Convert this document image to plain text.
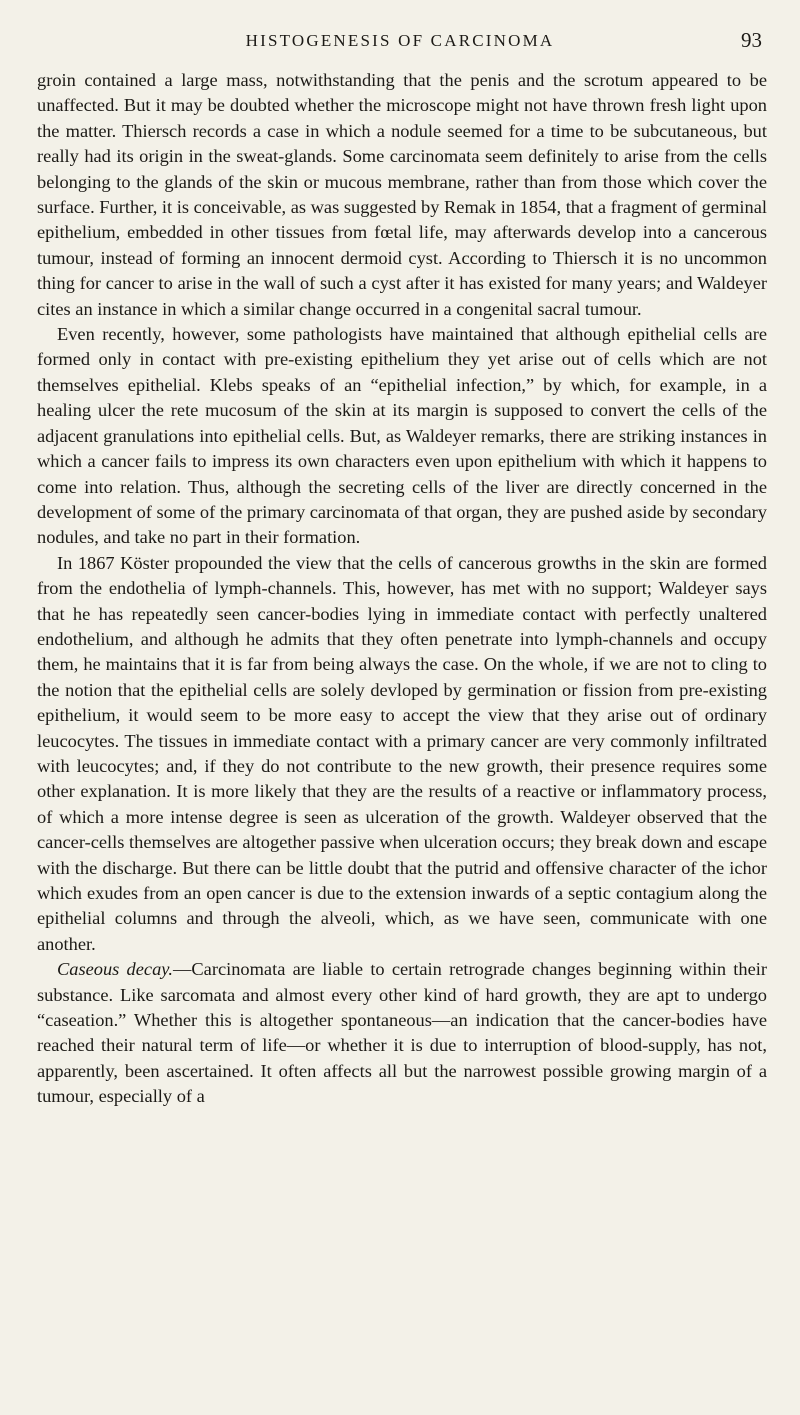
HISTOGENESIS OF CARCINOMA	93

groin contained a large mass, notwithstanding that the penis and the scrotum appeared to be unaffected. But it may be doubted whether the microscope might not have thrown fresh light upon the matter. Thiersch records a case in which a nodule seemed for a time to be subcutaneous, but really had its origin in the sweat-glands. Some carcinomata seem definitely to arise from the cells belonging to the glands of the skin or mucous membrane, rather than from those which cover the surface. Further, it is conceivable, as was suggested by Remak in 1854, that a fragment of germinal epithelium, embedded in other tissues from fœtal life, may afterwards develop into a cancerous tumour, instead of forming an innocent dermoid cyst. According to Thiersch it is no uncommon thing for cancer to arise in the wall of such a cyst after it has existed for many years; and Waldeyer cites an instance in which a similar change occurred in a congenital sacral tumour.

Even recently, however, some pathologists have maintained that although epithelial cells are formed only in contact with pre-existing epithelium they yet arise out of cells which are not themselves epithelial. Klebs speaks of an “epithelial infection,” by which, for example, in a healing ulcer the rete mucosum of the skin at its margin is supposed to convert the cells of the adjacent granulations into epithelial cells. But, as Waldeyer remarks, there are striking instances in which a cancer fails to impress its own characters even upon epithelium with which it happens to come into relation. Thus, although the secreting cells of the liver are directly concerned in the development of some of the primary carcinomata of that organ, they are pushed aside by secondary nodules, and take no part in their formation.

In 1867 Köster propounded the view that the cells of cancerous growths in the skin are formed from the endothelia of lymph-channels. This, however, has met with no support; Waldeyer says that he has repeatedly seen cancer-bodies lying in immediate contact with perfectly unaltered endothelium, and although he admits that they often penetrate into lymph-channels and occupy them, he maintains that it is far from being always the case. On the whole, if we are not to cling to the notion that the epithelial cells are solely devloped by germination or fission from pre-existing epithelium, it would seem to be more easy to accept the view that they arise out of ordinary leucocytes. The tissues in immediate contact with a primary cancer are very commonly infiltrated with leucocytes; and, if they do not contribute to the new growth, their presence requires some other explanation. It is more likely that they are the results of a reactive or inflammatory process, of which a more intense degree is seen as ulceration of the growth. Waldeyer observed that the cancer-cells themselves are altogether passive when ulceration occurs; they break down and escape with the discharge. But there can be little doubt that the putrid and offensive character of the ichor which exudes from an open cancer is due to the extension inwards of a septic contagium along the epithelial columns and through the alveoli, which, as we have seen, communicate with one another.

Caseous decay.—Carcinomata are liable to certain retrograde changes beginning within their substance. Like sarcomata and almost every other kind of hard growth, they are apt to undergo “caseation.” Whether this is altogether spontaneous—an indication that the cancer-bodies have reached their natural term of life—or whether it is due to interruption of blood-supply, has not, apparently, been ascertained. It often affects all but the narrowest possible growing margin of a tumour, especially of a
